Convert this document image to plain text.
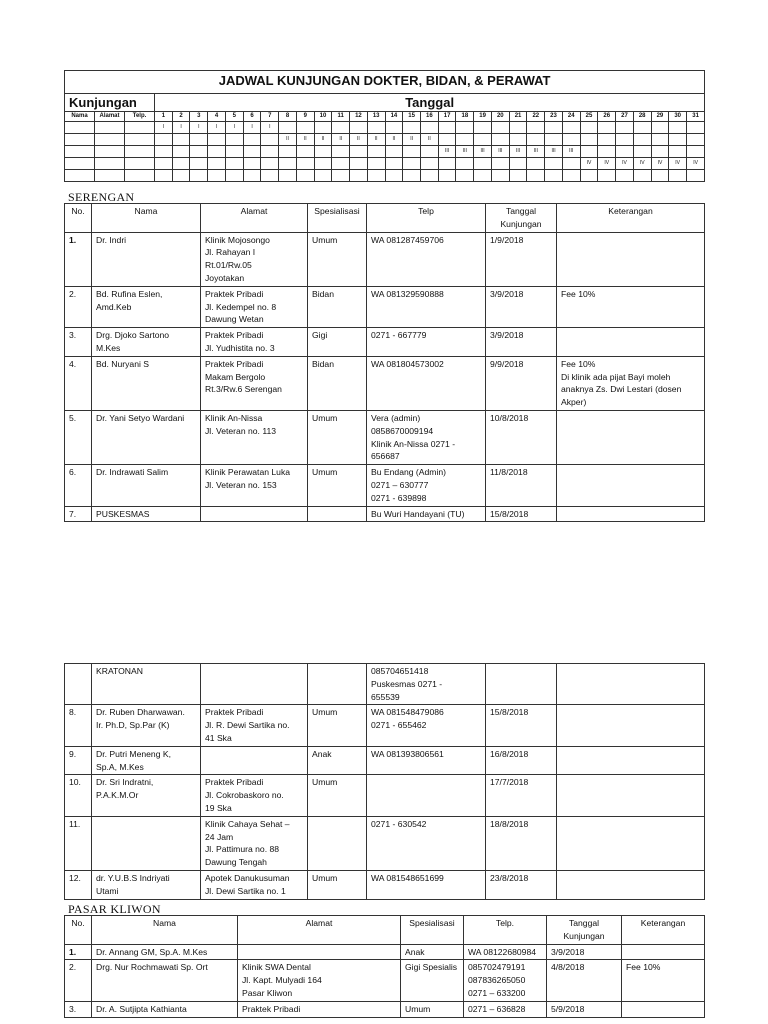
JADWAL KUNJUNGAN DOKTER, BIDAN, & PERAWAT																																	
Kunjungan			Tanggal																														
Nama	Alamat	Telp.	1	2	3	4	5	6	7	8	9	10	11	12	13	14	15	16	17	18	19	20	21	22	23	24	25	26	27	28	29	30	31
			I	I	I	I	I	I	I																								
										II	II	II	II	II	II	II	II	II															
																			III	III	III	III	III	III	III	III							
																											IV	IV	IV	IV	IV	IV	IV

SERENGAN
No.	Nama	Alamat	Spesialisasi	Telp	Tanggal Kunjungan	Keterangan
1.	Dr. Indri	Klinik Mojosongo
Jl. Rahayan I
Rt.01/Rw.05
Joyotakan	Umum	WA 081287459706	1/9/2018	
2.	Bd. Rufina Eslen,
Amd.Keb	Praktek Pribadi
Jl. Kedempel no. 8
Dawung Wetan	Bidan	WA 081329590888	3/9/2018	Fee 10%
3.	Drg. Djoko Sartono
M.Kes	Praktek Pribadi
Jl. Yudhistita no. 3	Gigi	0271 - 667779	3/9/2018	
4.	Bd. Nuryani S	Praktek Pribadi
Makam Bergolo
Rt.3/Rw.6 Serengan	Bidan	WA 081804573002	9/9/2018	Fee 10%
Di klinik ada pijat Bayi moleh
anaknya Zs. Dwi Lestari (dosen
Akper)
5.	Dr. Yani Setyo Wardani	Klinik An-Nissa
Jl. Veteran no. 113	Umum	Vera (admin)
0858670009194
Klinik An-Nissa 0271 -
656687	10/8/2018	
6.	Dr. Indrawati Salim	Klinik Perawatan Luka
Jl. Veteran no. 153	Umum	Bu Endang (Admin)
0271 – 630777
0271 - 639898	11/8/2018	
7.	PUSKESMAS			Bu Wuri Handayani (TU)	15/8/2018	
	KRATONAN			085704651418
Puskesmas 0271 -
655539		
8.	Dr. Ruben Dharwawan.
Ir. Ph.D, Sp.Par (K)	Praktek Pribadi
Jl. R. Dewi Sartika no.
41 Ska	Umum	WA 081548479086
0271 - 655462	15/8/2018	
9.	Dr. Putri Meneng K,
Sp.A, M.Kes		Anak	WA 081393806561	16/8/2018	
10.	Dr. Sri Indratni,
P.A.K.M.Or	Praktek Pribadi
Jl. Cokrobaskoro no.
19 Ska	Umum		17/7/2018	
11.		Klinik Cahaya Sehat –
24 Jam
Jl. Pattimura no. 88
Dawung Tengah		0271 - 630542	18/8/2018	
12.	dr. Y.U.B.S Indriyati
Utami	Apotek Danukusuman
Jl. Dewi Sartika no. 1	Umum	WA 081548651699	23/8/2018	
PASAR KLIWON
No.	Nama	Alamat	Spesialisasi	Telp.	Tanggal Kunjungan	Keterangan
1.	Dr. Annang GM, Sp.A. M.Kes		Anak	WA 08122680984	3/9/2018	
2.	Drg. Nur Rochmawati Sp. Ort	Klinik SWA Dental
Jl. Kapt. Mulyadi 164
Pasar Kliwon	Gigi Spesialis	085702479191
087836265050
0271 – 633200	4/8/2018	Fee 10%
3.	Dr. A. Sutjipta Kathianta	Praktek Pribadi	Umum	0271 – 636828	5/9/2018	
